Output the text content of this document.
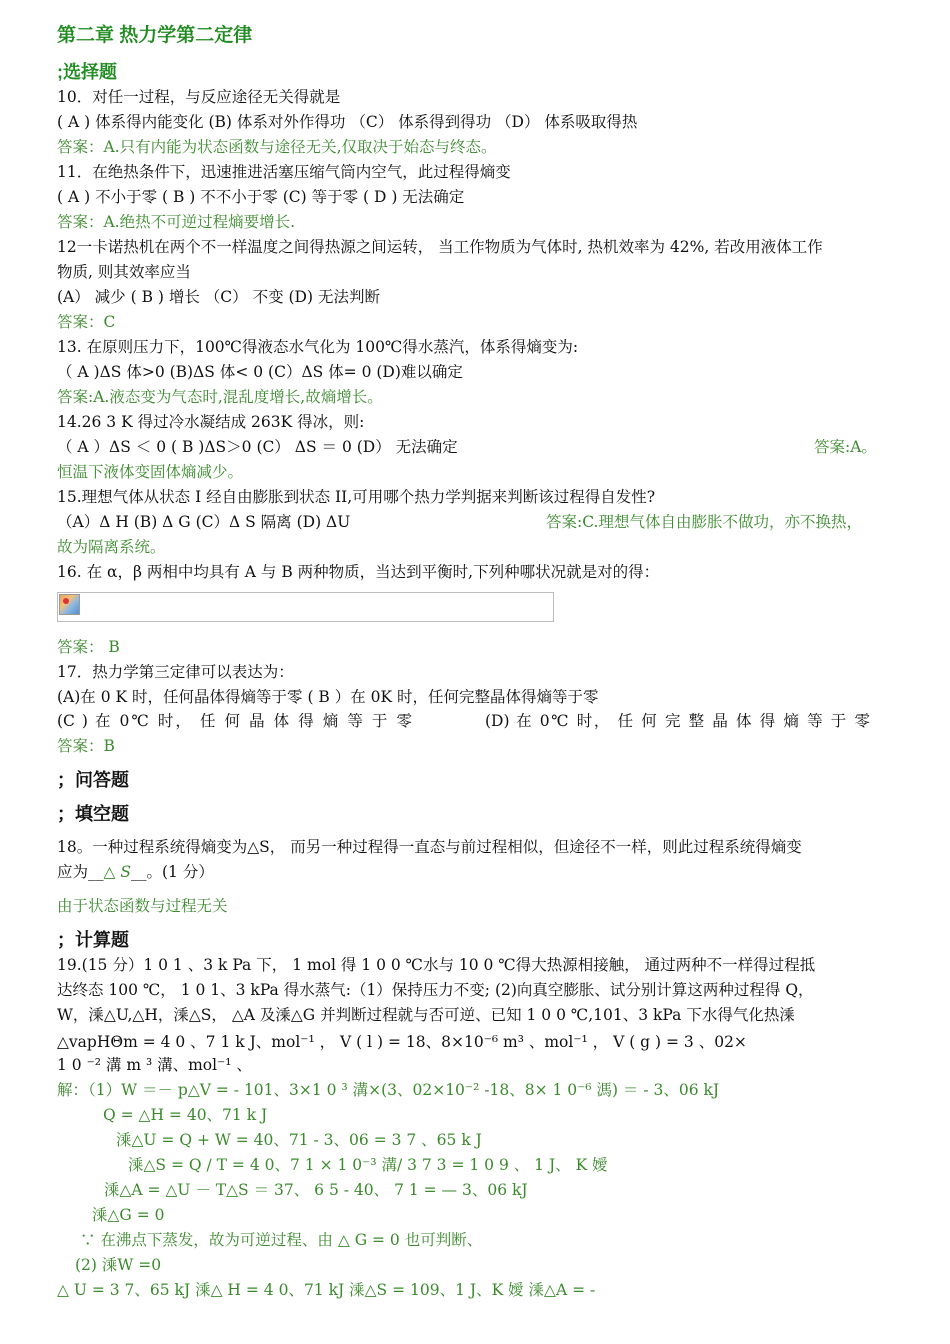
第二章 热力学第二定律
;选择题
10．对任一过程，与反应途径无关得就是
( A ) 体系得内能变化 (B) 体系对外作得功 （C） 体系得到得功 （D） 体系吸取得热
答案：A.只有内能为状态函数与途径无关,仅取决于始态与终态。
11．在绝热条件下，迅速推进活塞压缩气筒内空气，此过程得熵变
( A ) 不小于零 ( B ) 不不小于零 (C) 等于零 ( D ) 无法确定
答案：A.绝热不可逆过程熵要增长.
12一卡诺热机在两个不一样温度之间得热源之间运转， 当工作物质为气体时, 热机效率为 42%, 若改用液体工作
物质, 则其效率应当
(A） 减少 ( B ) 增长 （C） 不变 (D) 无法判断
答案：C
13. 在原则压力下，100℃得液态水气化为 100℃得水蒸汽，体系得熵变为:
（ A )ΔS 体>0 (B)ΔS 体< 0 (C）ΔS 体= 0 (D)难以确定
答案:A.液态变为气态时,混乱度增长,故熵增长。
14.26 3 K 得过冷水凝结成 263K 得冰，则:
（ A ）ΔS ＜ 0 ( B )ΔS＞0 (C） ΔS ＝ 0 (D） 无法确定	答案:A。
恒温下液体变固体熵减少。
15.理想气体从状态 I 经自由膨胀到状态 II,可用哪个热力学判据来判断该过程得自发性?
（A）Δ H (B) Δ G (C）Δ S 隔离 (D) ΔU	答案:C.理想气体自由膨胀不做功，亦不换热，
故为隔离系统。
16. 在 α，β 两相中均具有 A 与 B 两种物质，当达到平衡时,下列种哪状况就是对的得：
答案： B
17．热力学第三定律可以表达为：
(A)在 0 K 时，任何晶体得熵等于零 ( B ）在 0K 时，任何完整晶体得熵等于零
(C ) 在 0℃ 时， 任 何 晶 体 得 熵 等 于 零	(D) 在 0℃ 时， 任 何 完 整 晶 体 得 熵 等 于 零
答案：B
；问答题
；填空题
18。一种过程系统得熵变为△S， 而另一种过程得一直态与前过程相似，但途径不一样，则此过程系统得熵变
应为__△ S__。(1 分）
由于状态函数与过程无关
；计算题
19.(15 分）1 0 1 、3 k Pa 下， 1 mol 得 1 0 0 ℃水与 10 0 ℃得大热源相接触， 通过两种不一样得过程抵
达终态 100 ℃， 1 0 1、3 kPa 得水蒸气:（1）保持压力不变; (2)向真空膨胀、试分别计算这两种过程得 Q，
W，溗△U,△H，溗△S， △A 及溗△G 并判断过程就与否可逆、已知 1 0 0 ℃,101、3 kPa 下水得气化热溗
△vapHΘm = 4 0 、7 1 k J、mol⁻¹ ， V ( l ) = 18、8×10⁻⁶ m³ 、mol⁻¹ ， V ( g ) = 3 、02×
1 0 ⁻² 溝 m ³ 溝、mol⁻¹ 、
解：（1）W ＝－ p△V = - 101、3×1 0 ³ 溝×(3、02×10⁻² -18、8× 1 0⁻⁶ 溤) ＝ - 3、06 kJ
Q = △H = 40、71 k J
溗△U = Q + W = 40、71 - 3、06 = 3 7 、65 k J
溗△S = Q / T = 4 0、7 1 × 1 0⁻³ 溝/ 3 7 3 = 1 0 9 、 1 J、 K 嬡
溗△A = △U － T△S ＝ 37、 6 5 - 40、 7 1 = — 3、06 kJ
溗△G = 0
∵ 在沸点下蒸发，故为可逆过程、由 △ G = 0 也可判断、
(2) 溗W =0
△ U = 3 7、65 kJ 溗△ H = 4 0、71 kJ 溗△S = 109、1 J、K 嬡 溗△A = -
